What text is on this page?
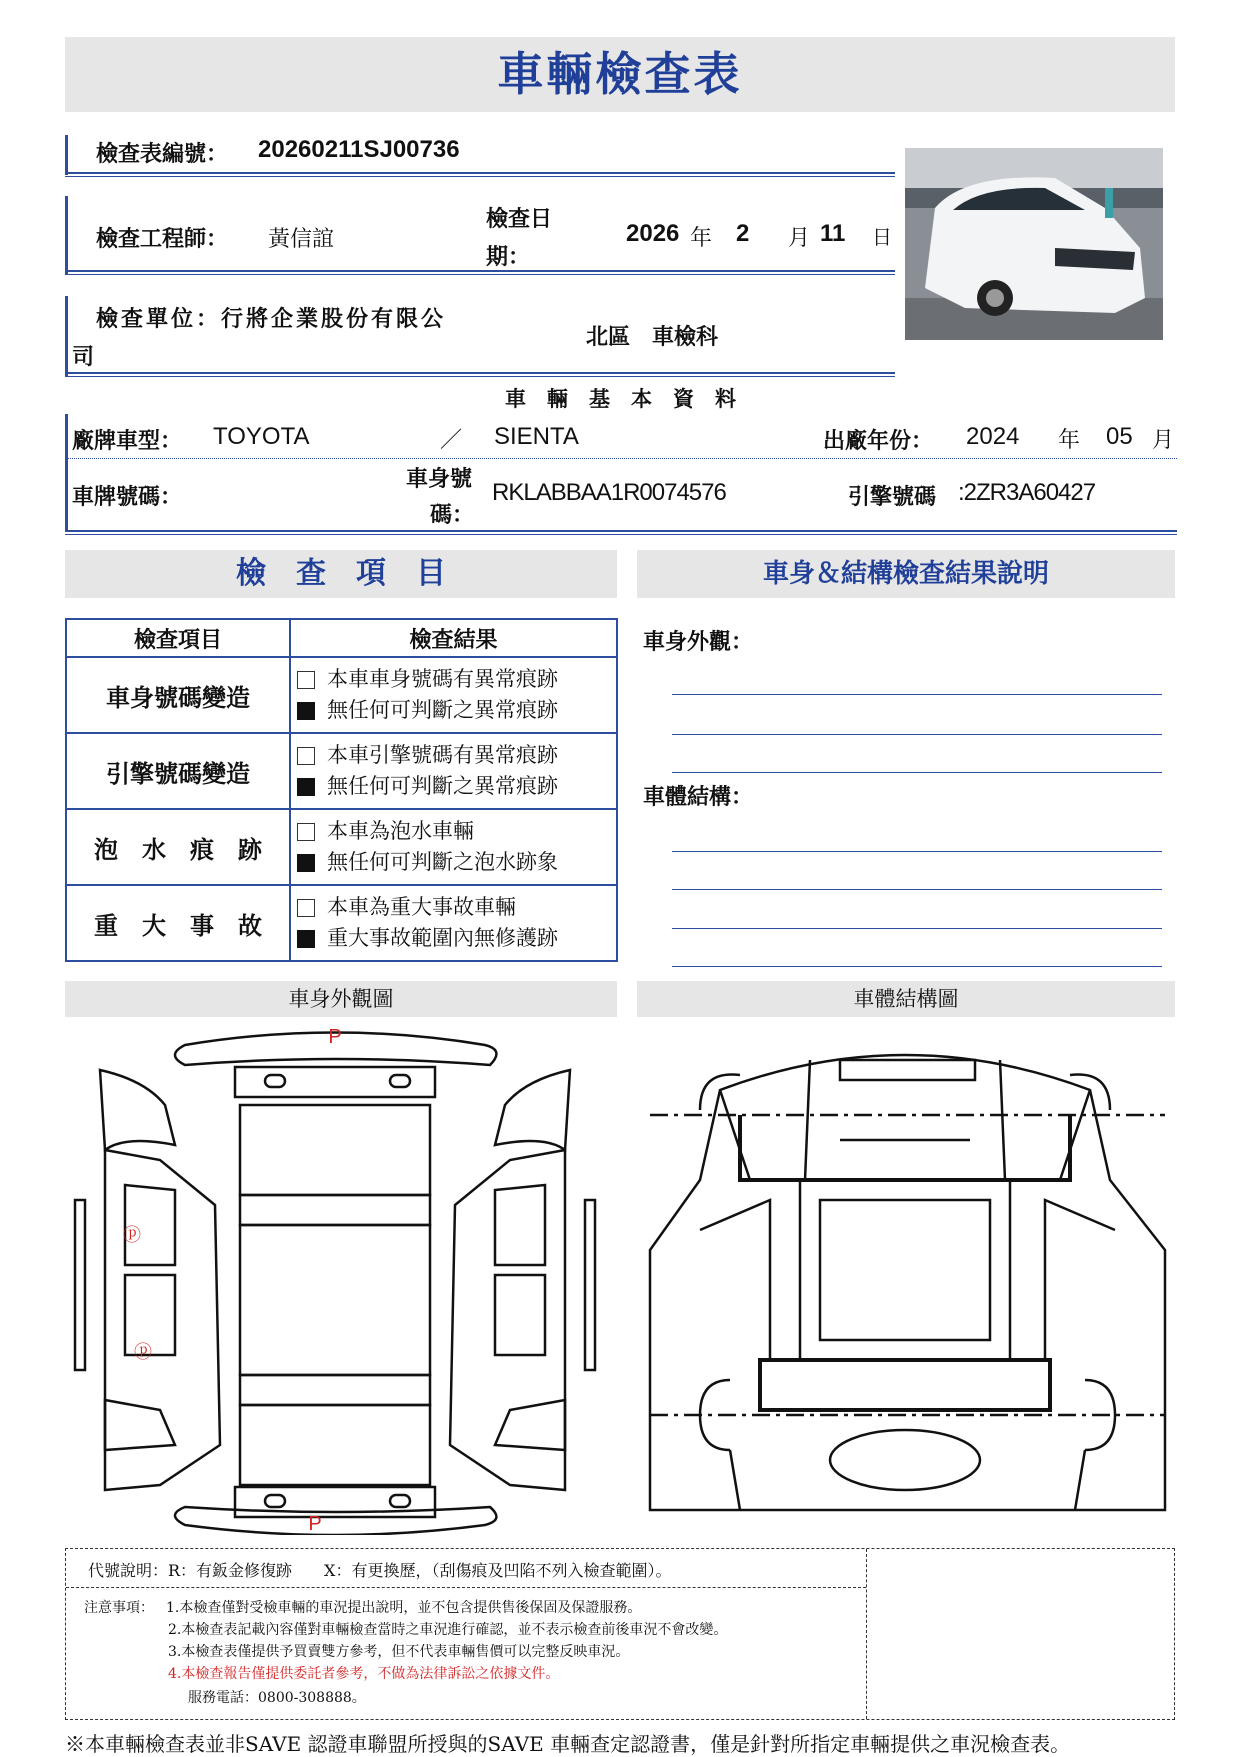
車輛檢查表
檢查表編號： 20260211SJ00736
檢查工程師： 黃信誼
檢查日
期：
2026 年 2 月 11 日
檢查單位：行將企業股份有限公
司
北區　車檢科
車　輛　基　本　資　料
廠牌車型： TOYOTA	／ SIENTA	出廠年份： 2024 年 05 月
車牌號碼：
車身號
碼：
RKLABBAA1R0074576	引擎號碼 :2ZR3A60427
檢　查　項　目	車身＆結構檢查結果說明
檢查項目	檢查結果
車身號碼變造	本車車身號碼有異常痕跡
無任何可判斷之異常痕跡

引擎號碼變造	本車引擎號碼有異常痕跡
無任何可判斷之異常痕跡

泡　水　痕　跡	本車為泡水車輛
無任何可判斷之泡水跡象

重　大　事　故	本車為重大事故車輛
重大事故範圍內無修護跡
車身外觀：
車體結構：
車身外觀圖	車體結構圖
P
P
ⓟ
ⓟ
代號說明：R：有鈑金修復跡　　X：有更換歷，（刮傷痕及凹陷不列入檢查範圍）。
注意事項： 1.本檢查僅對受檢車輛的車況提出說明，並不包含提供售後保固及保證服務。
2.本檢查表記載內容僅對車輛檢查當時之車況進行確認，並不表示檢查前後車況不會改變。
3.本檢查表僅提供予買賣雙方參考，但不代表車輛售價可以完整反映車況。
4.本檢查報告僅提供委託者參考，不做為法律訴訟之依據文件。
服務電話：0800-308888。
※本車輛檢查表並非SAVE 認證車聯盟所授與的SAVE 車輛查定認證書，僅是針對所指定車輛提供之車況檢查表。
